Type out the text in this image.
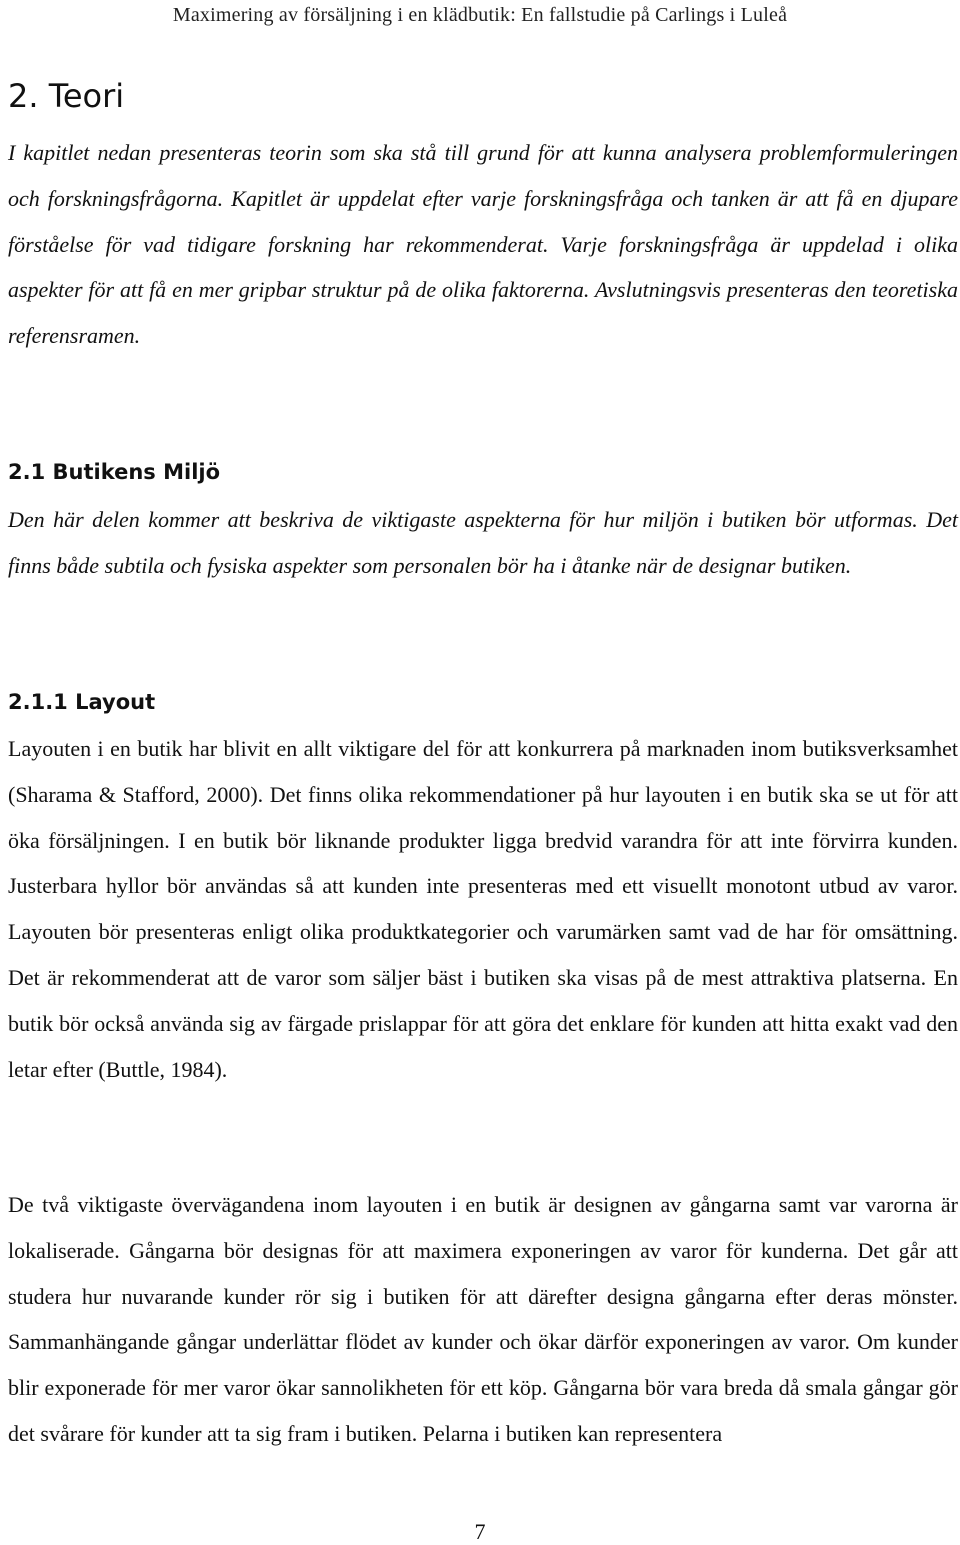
Maximering av försäljning i en klädbutik: En fallstudie på Carlings i Luleå
2. Teori

I kapitlet nedan presenteras teorin som ska stå till grund för att kunna analysera problemformuleringen och forskningsfrågorna. Kapitlet är uppdelat efter varje forskningsfråga och tanken är att få en djupare förståelse för vad tidigare forskning har rekommenderat. Varje forskningsfråga är uppdelad i olika aspekter för att få en mer gripbar struktur på de olika faktorerna. Avslutningsvis presenteras den teoretiska referensramen.

2.1 Butikens Miljö

Den här delen kommer att beskriva de viktigaste aspekterna för hur miljön i butiken bör utformas. Det finns både subtila och fysiska aspekter som personalen bör ha i åtanke när de designar butiken.

2.1.1 Layout

Layouten i en butik har blivit en allt viktigare del för att konkurrera på marknaden inom butiksverksamhet (Sharama & Stafford, 2000). Det finns olika rekommendationer på hur layouten i en butik ska se ut för att öka försäljningen. I en butik bör liknande produkter ligga bredvid varandra för att inte förvirra kunden. Justerbara hyllor bör användas så att kunden inte presenteras med ett visuellt monotont utbud av varor. Layouten bör presenteras enligt olika produktkategorier och varumärken samt vad de har för omsättning. Det är rekommenderat att de varor som säljer bäst i butiken ska visas på de mest attraktiva platserna. En butik bör också använda sig av färgade prislappar för att göra det enklare för kunden att hitta exakt vad den letar efter (Buttle, 1984).

De två viktigaste övervägandena inom layouten i en butik är designen av gångarna samt var varorna är lokaliserade. Gångarna bör designas för att maximera exponeringen av varor för kunderna. Det går att studera hur nuvarande kunder rör sig i butiken för att därefter designa gångarna efter deras mönster. Sammanhängande gångar underlättar flödet av kunder och ökar därför exponeringen av varor. Om kunder blir exponerade för mer varor ökar sannolikheten för ett köp. Gångarna bör vara breda då smala gångar gör det svårare för kunder att ta sig fram i butiken. Pelarna i butiken kan representera

7
